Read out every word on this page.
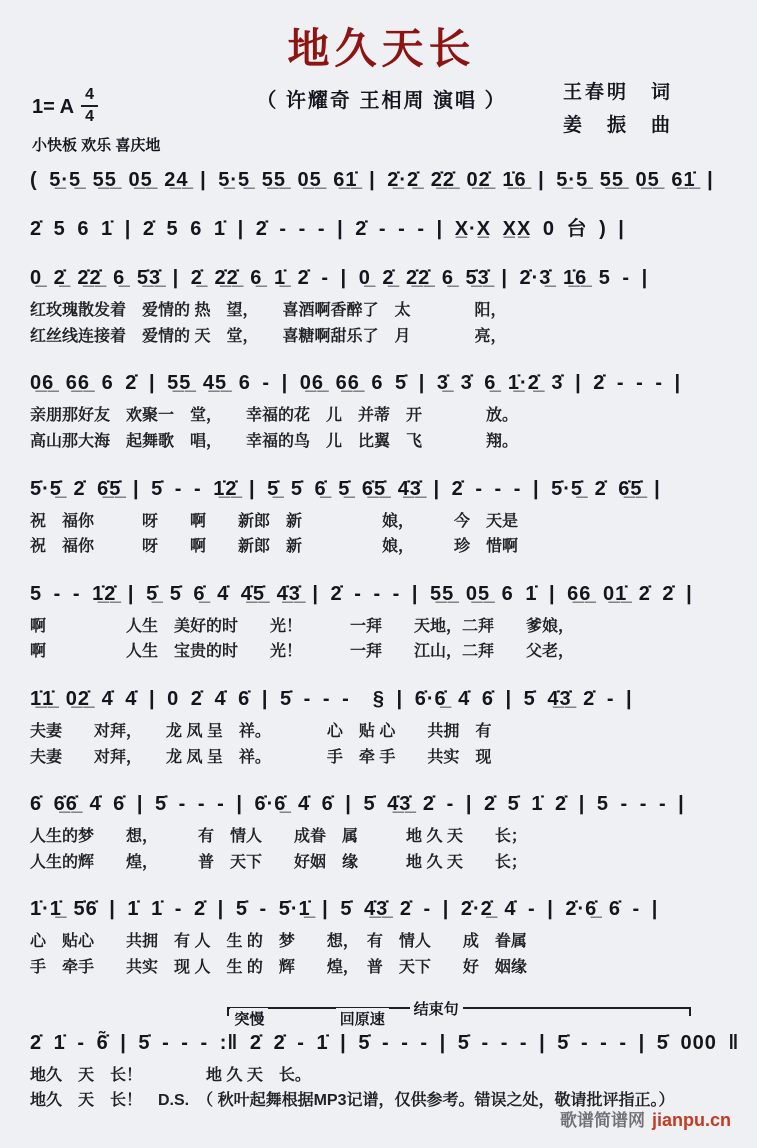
地久天长
1= A $\frac{4}{4}$
小快板 欢乐 喜庆地
（ 许耀奇 王相周 演唱 ）	王春明　词
姜　振　曲
( 5̲·5̲ 5̲5̲ 0̲5̲ 2̲4̲ | 5̲·5̲ 5̲5̲ 0̲5̲ 6̲1̲̇ | 2̲̇·2̲̇ 2̲̇2̲̇ 0̲2̲̇ 1̲̇6̲ | 5̲·5̲ 5̲5̲ 0̲5̲ 6̲1̲̇ |
2̇ 5 6 1̇ | 2̇ 5 6 1̇ | 2̇ - - - | 2̇ - - - | X̲·X̲ X̲X̲ 0 台 ) |
0̲ 2̲̇ 2̲̇2̲̇ 6̲ 5̲̇3̲̇ | 2̲̇ 2̲̇2̲̇ 6̲ 1̲̇ 2̇ - | 0̲ 2̲̇ 2̲̇2̲̇ 6̲ 5̲̇3̲̇ | 2̇·3̲̇ 1̲̇6̲ 5 - |
红玫瑰散发着　爱情的 热　望，　　喜酒啊香醉了　太　　　　阳，
红丝线连接着　爱情的 天　堂，　　喜糖啊甜乐了　月　　　　亮，
0̲6̲ 6̲6̲ 6 2̇ | 5̲5̲ 4̲5̲ 6 - | 0̲6̲ 6̲6̲ 6 5̇ | 3̲̇ 3̇ 6̲ 1̲̇·2̲̇ 3̇ | 2̇ - - - |
亲朋那好友　欢聚一　堂，　　幸福的花　儿　并蒂　开　　　　放。
高山那大海　起舞歌　唱，　　幸福的鸟　儿　比翼　飞　　　　翔。
5̇·5̲̇ 2̇ 6̲̇5̲̇ | 5̇ - - 1̲̇2̲̇ | 5̲̇ 5̇ 6̲̇ 5̲̇ 6̲̇5̲̇ 4̲̇3̲̇ | 2̇ - - - | 5̇·5̲̇ 2̇ 6̲̇5̲̇ |
祝　福你　　　呀　　啊　　新郎　新　　　　　娘，　　　今　天是
祝　福你　　　呀　　啊　　新郎　新　　　　　娘，　　　珍　惜啊
5 - - 1̲̇2̲̇ | 5̲̇ 5̇ 6̲̇ 4̇ 4̲̇5̲̇ 4̲̇3̲̇ | 2̇ - - - | 5̲5̲ 0̲5̲ 6 1̇ | 6̲6̲ 0̲1̲̇ 2̇ 2̇ |
啊　　　　　人生　美好的时　　光！　　　一拜　　天地，二拜　　爹娘，
啊　　　　　人生　宝贵的时　　光！　　　一拜　　江山，二拜　　父老，
1̲̇1̲̇ 0̲2̲̇ 4̇ 4̇ | 0 2̇ 4̇ 6̇ | 5̇ - - -  § | 6̇·6̲̇ 4̇ 6̇ | 5̇ 4̲̇3̲̇ 2̇ - |
夫妻　　对拜，　　龙 凤 呈　祥。　　　　心　贴 心　　共拥　有
夫妻　　对拜，　　龙 凤 呈　祥。　　　　手　牵 手　　共实　现
6̇ 6̲̇6̲̇ 4̇ 6̇ | 5̇ - - - | 6̇·6̲̇ 4̇ 6̇ | 5̇ 4̲̇3̲̇ 2̇ - | 2̇ 5̇ 1̇ 2̇ | 5 - - - |
人生的梦　　想，　　　有　情人　　成眷　属　　　地 久 天　　长；
人生的辉　　煌，　　　普　天下　　好姻　缘　　　地 久 天　　长；
1̇·1̲̇ 5̇6̇ | 1̇ 1̇ - 2̇ | 5̇ - 5̇·1̲̇ | 5̇ 4̲̇3̲̇ 2̇ - | 2̇·2̲̇ 4̇ - | 2̇·6̲̇ 6̇ - |
心　贴心　　共拥　有 人　生 的　梦　　想，　有　情人　　成　眷属
手　牵手　　共实　现 人　生 的　辉　　煌，　普　天下　　好　姻缘
突慢	回原速
结束句
2̇ 1̇ - 6̇̃ | 5̇ - - - :‖ 2̇ 2̇ - 1̇ | 5̇ - - - | 5̇ - - - | 5̇ - - - | 5̇ 000 ‖
地久　天　长！　　　　地 久 天　长。
地久　天　长！　D.S.　（ 秋叶起舞根据MP3记谱，仅供参考。错误之处，敬请批评指正。）
歌谱简谱网 jianpu.cn
